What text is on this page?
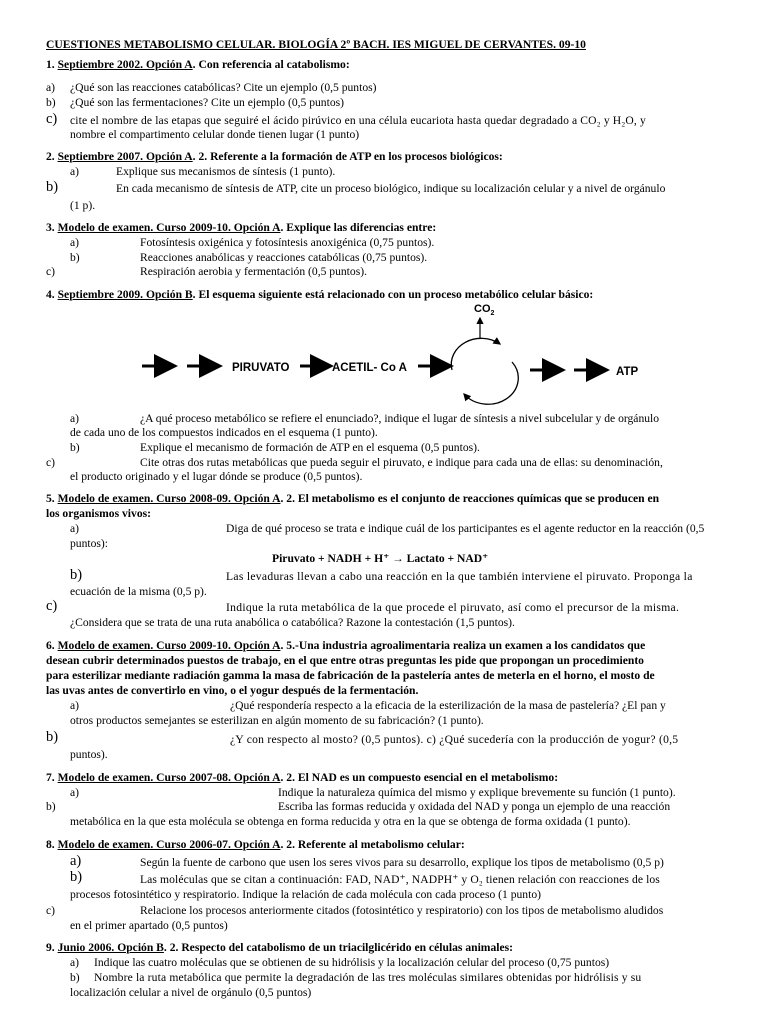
CUESTIONES METABOLISMO CELULAR. BIOLOGÍA 2º BACH. IES MIGUEL DE CERVANTES. 09-10
1. Septiembre 2002. Opción A. Con referencia al catabolismo:
a) ¿Qué son las reacciones catabólicas? Cite un ejemplo (0,5 puntos)
b) ¿Qué son las fermentaciones? Cite un ejemplo (0,5 puntos)
c) cite el nombre de las etapas que seguiré el ácido pirúvico en una célula eucariota hasta quedar degradado a CO₂ y H₂O, y
nombre el compartimento celular donde tienen lugar (1 punto)
2. Septiembre 2007. Opción A. 2. Referente a la formación de ATP en los procesos biológicos:
a)	Explique sus mecanismos de síntesis (1 punto).
b)	En cada mecanismo de síntesis de ATP, cite un proceso biológico, indique su localización celular y a nivel de orgánulo
(1 p).
3. Modelo de examen. Curso 2009-10. Opción A. Explique las diferencias entre:
a)	Fotosíntesis oxigénica y fotosíntesis anoxigénica (0,75 puntos).
b)	Reacciones anabólicas y reacciones catabólicas (0,75 puntos).
c)	Respiración aerobia y fermentación (0,5 puntos).
4. Septiembre 2009. Opción B. El esquema siguiente está relacionado con un proceso metabólico celular básico:
$CO_2$
PIRUVATO	ACETIL- Co A	ATP
a)	¿A qué proceso metabólico se refiere el enunciado?, indique el lugar de síntesis a nivel subcelular y de orgánulo
de cada uno de los compuestos indicados en el esquema (1 punto).
b)	Explique el mecanismo de formación de ATP en el esquema (0,5 puntos).
c)	Cite otras dos rutas metabólicas que pueda seguir el piruvato, e indique para cada una de ellas: su denominación,
el producto originado y el lugar dónde se produce (0,5 puntos).
5. Modelo de examen. Curso 2008-09. Opción A. 2. El metabolismo es el conjunto de reacciones químicas que se producen en
los organismos vivos:
a)	Diga de qué proceso se trata e indique cuál de los participantes es el agente reductor en la reacción (0,5
puntos):
Piruvato + NADH + H⁺ → Lactato + NAD⁺
b)	Las levaduras llevan a cabo una reacción en la que también interviene el piruvato. Proponga la
ecuación de la misma (0,5 p).
c)	Indique la ruta metabólica de la que procede el piruvato, así como el precursor de la misma.
¿Considera que se trata de una ruta anabólica o catabólica? Razone la contestación (1,5 puntos).
6. Modelo de examen. Curso 2009-10. Opción A. 5.-Una industria agroalimentaria realiza un examen a los candidatos que
desean cubrir determinados puestos de trabajo, en el que entre otras preguntas les pide que propongan un procedimiento
para esterilizar mediante radiación gamma la masa de fabricación de la pastelería antes de meterla en el horno, el mosto de
las uvas antes de convertirlo en vino, o el yogur después de la fermentación.
a)	¿Qué respondería respecto a la eficacia de la esterilización de la masa de pastelería? ¿El pan y
otros productos semejantes se esterilizan en algún momento de su fabricación? (1 punto).
b)	¿Y con respecto al mosto? (0,5 puntos). c) ¿Qué sucedería con la producción de yogur? (0,5
puntos).
7. Modelo de examen. Curso 2007-08. Opción A. 2. El NAD es un compuesto esencial en el metabolismo:
a)	Indique la naturaleza química del mismo y explique brevemente su función (1 punto).
b)	Escriba las formas reducida y oxidada del NAD y ponga un ejemplo de una reacción
metabólica en la que esta molécula se obtenga en forma reducida y otra en la que se obtenga de forma oxidada (1 punto).
8. Modelo de examen. Curso 2006-07. Opción A. 2. Referente al metabolismo celular:
a)	Según la fuente de carbono que usen los seres vivos para su desarrollo, explique los tipos de metabolismo (0,5 p)
b)	Las moléculas que se citan a continuación: FAD, NAD⁺, NADPH⁺ y O₂ tienen relación con reacciones de los
procesos fotosintético y respiratorio. Indique la relación de cada molécula con cada proceso (1 punto)
c)	Relacione los procesos anteriormente citados (fotosintético y respiratorio) con los tipos de metabolismo aludidos
en el primer apartado (0,5 puntos)
9. Junio 2006. Opción B. 2. Respecto del catabolismo de un triacilglicérido en células animales:
a) Indique las cuatro moléculas que se obtienen de su hidrólisis y la localización celular del proceso (0,75 puntos)
b) Nombre la ruta metabólica que permite la degradación de las tres moléculas similares obtenidas por hidrólisis y su
localización celular a nivel de orgánulo (0,5 puntos)
